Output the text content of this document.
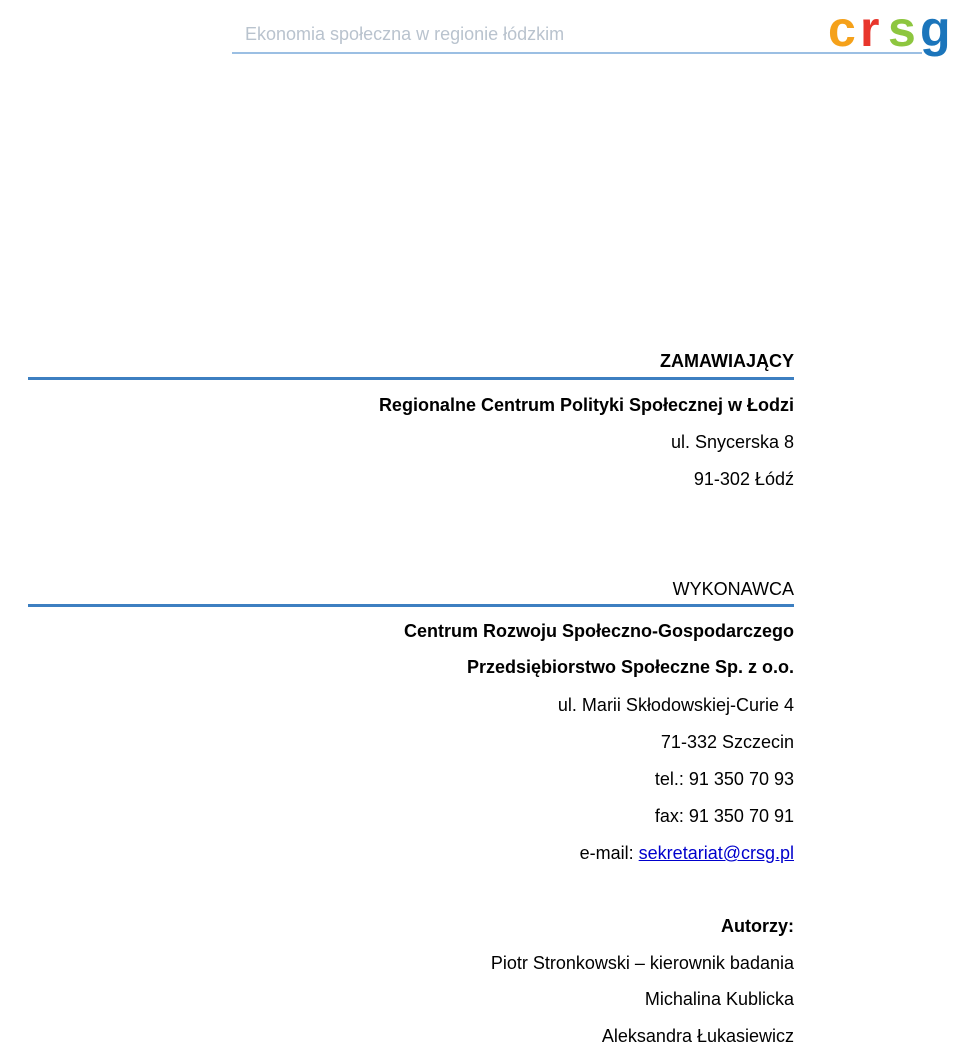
Ekonomia społeczna w regionie łódzkim	c r s g
ZAMAWIAJĄCY
Regionalne Centrum Polityki Społecznej w Łodzi
ul. Snycerska 8
91-302 Łódź
WYKONAWCA
Centrum Rozwoju Społeczno-Gospodarczego
Przedsiębiorstwo Społeczne Sp. z o.o.
ul. Marii Skłodowskiej-Curie 4
71-332 Szczecin
tel.: 91 350 70 93
fax: 91 350 70 91
e-mail: sekretariat@crsg.pl
Autorzy:
Piotr Stronkowski – kierownik badania
Michalina Kublicka
Aleksandra Łukasiewicz
